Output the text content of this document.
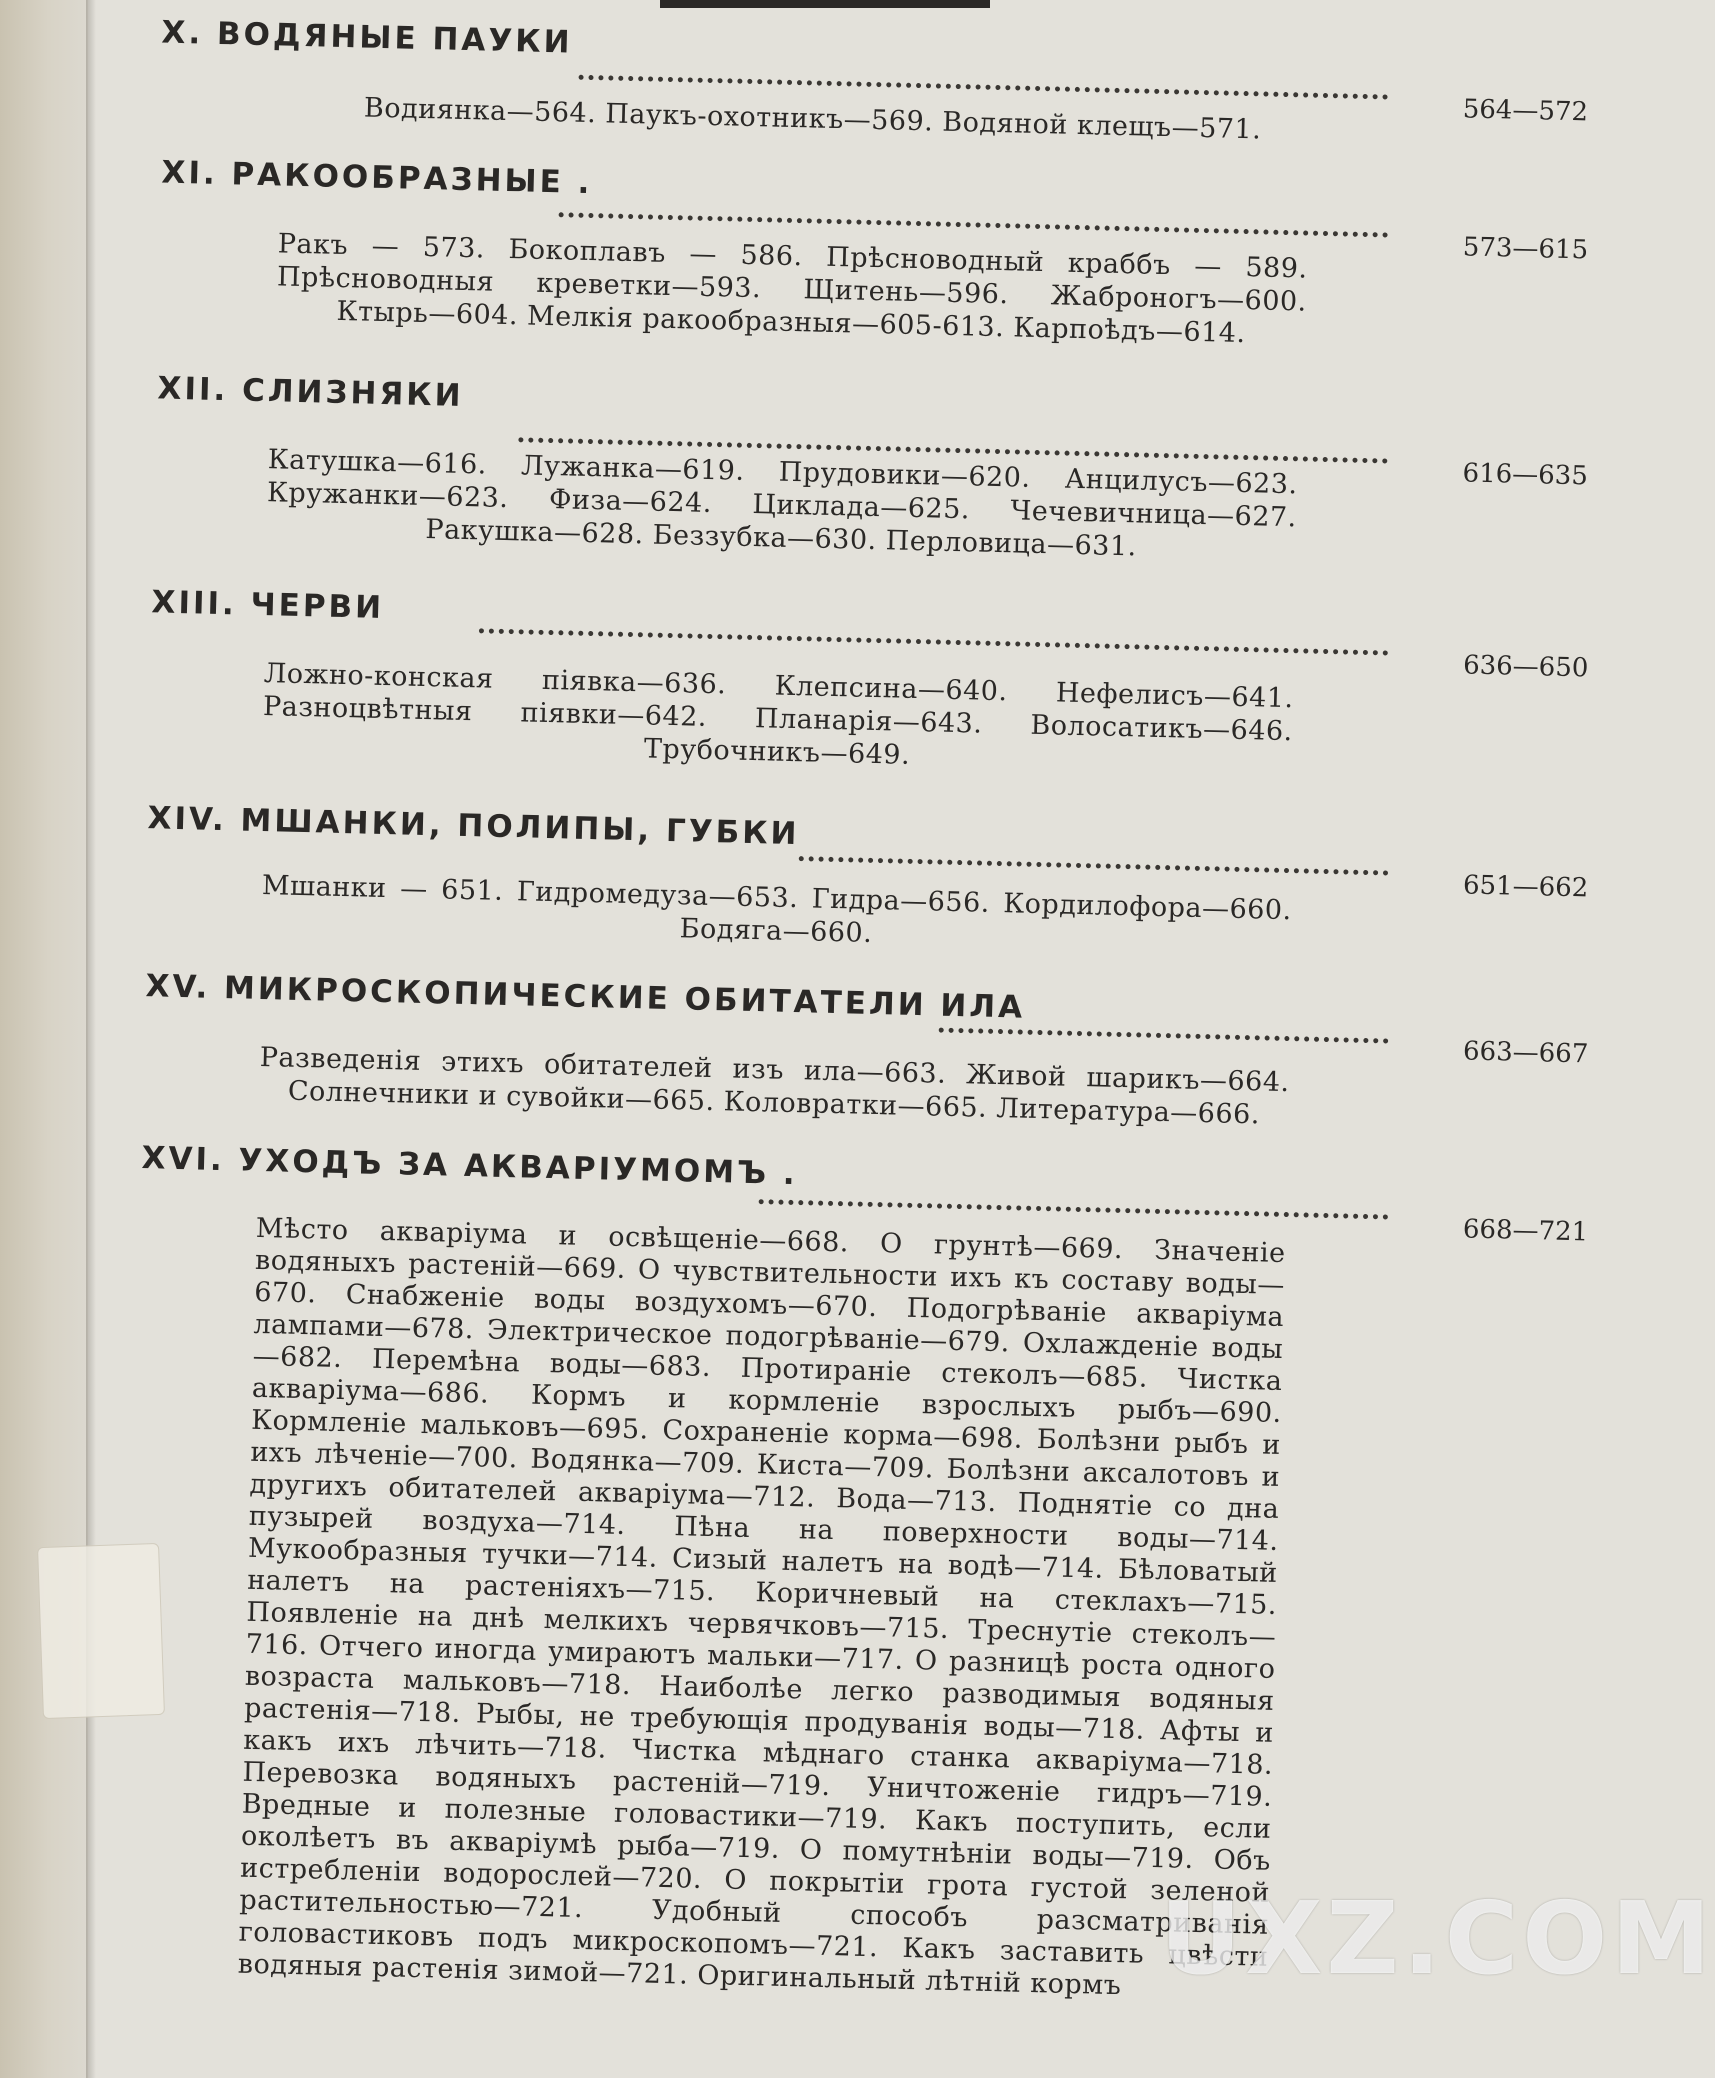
X. ВОДЯНЫЕ ПАУКИ
564—572
Водиянка—564. Паукъ-охотникъ—569. Водяной клещъ—571.
XI. РАКООБРАЗНЫЕ .
573—615
Ракъ — 573. Бокоплавъ — 586. Прѣсноводный краббъ — 589. Прѣсноводныя креветки—593. Щитень—596. Жаброногъ—600. Ктырь—604. Мелкія ракообразныя—605-613. Карпоѣдъ—614.
XII. СЛИЗНЯКИ
616—635
Катушка—616. Лужанка—619. Прудовики—620. Анцилусъ—623. Кружанки—623. Физа—624. Циклада—625. Чечевичница—627. Ракушка—628. Беззубка—630. Перловица—631.
XIII. ЧЕРВИ
636—650
Ложно-конская піявка—636. Клепсина—640. Нефелисъ—641. Разноцвѣтныя піявки—642. Планарія—643. Волосатикъ—646. Трубочникъ—649.
XIV. МШАНКИ, ПОЛИПЫ, ГУБКИ
651—662
Мшанки — 651. Гидромедуза—653. Гидра—656. Кордилофора—660. Бодяга—660.
XV. МИКРОСКОПИЧЕСКИЕ ОБИТАТЕЛИ ИЛА
663—667
Разведенія этихъ обитателей изъ ила—663. Живой шарикъ—664. Солнечники и сувойки—665. Коловратки—665. Литература—666.
XVI. УХОДЪ ЗА АКВАРІУМОМЪ .
668—721
Мѣсто акваріума и освѣщеніе—668. О грунтѣ—669. Значеніе водяныхъ растеній—669. О чувствительности ихъ къ составу воды—670. Снабженіе воды воздухомъ—670. Подогрѣваніе акваріума лампами—678. Электрическое подогрѣваніе—679. Охлажденіе воды—682. Перемѣна воды—683. Протираніе стеколъ—685. Чистка акваріума—686. Кормъ и кормленіе взрослыхъ рыбъ—690. Кормленіе мальковъ—695. Сохраненіе корма—698. Болѣзни рыбъ и ихъ лѣченіе—700. Водянка—709. Киста—709. Болѣзни аксалотовъ и другихъ обитателей акваріума—712. Вода—713. Поднятіе со дна пузырей воздуха—714. Пѣна на поверхности воды—714. Мукообразныя тучки—714. Сизый налетъ на водѣ—714. Бѣловатый налетъ на растеніяхъ—715. Коричневый на стеклахъ—715. Появленіе на днѣ мелкихъ червячковъ—715. Треснутіе стеколъ—716. Отчего иногда умираютъ мальки—717. О разницѣ роста одного возраста мальковъ—718. Наиболѣе легко разводимыя водяныя растенія—718. Рыбы, не требующія продуванія воды—718. Афты и какъ ихъ лѣчить—718. Чистка мѣднаго станка акваріума—718. Перевозка водяныхъ растеній—719. Уничтоженіе гидръ—719. Вредные и полезные головастики—719. Какъ поступить, если околѣетъ въ акваріумѣ рыба—719. О помутнѣніи воды—719. Объ истребленіи водорослей—720. О покрытіи грота густой зеленой растительностью—721. Удобный способъ разсматриванія головастиковъ подъ микроскопомъ—721. Какъ заставить цвѣсти водяныя растенія зимой—721. Оригинальный лѣтній кормъ UXZ.COM
